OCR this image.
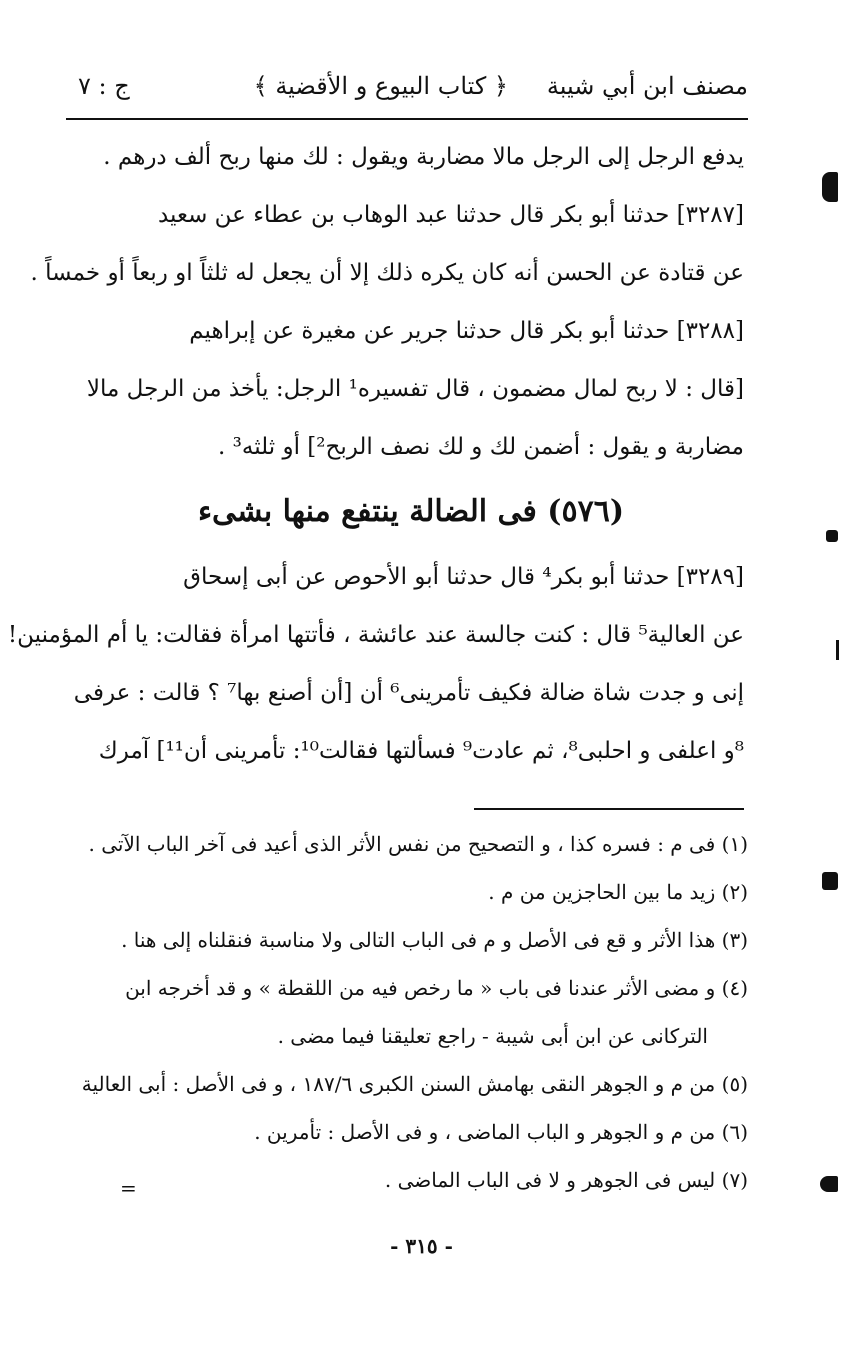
مصنف ابن أبي شيبة
﴿ كتاب البيوع و الأقضية ﴾
ج : ٧
يدفع الرجل إلى الرجل مالا مضاربة ويقول : لك منها ربح ألف درهم .
[٣٢٨٧] حدثنا أبو بكر قال حدثنا عبد الوهاب بن عطاء عن سعيد
عن قتادة عن الحسن أنه كان يكره ذلك إلا أن يجعل له ثلثاً او ربعاً أو خمساً .
[٣٢٨٨] حدثنا أبو بكر قال حدثنا جرير عن مغيرة عن إبراهيم
[قال : لا ربح لمال مضمون ، قال تفسيره¹ الرجل: يأخذ من الرجل مالا
مضاربة و يقول : أضمن لك و لك نصف الربح²] أو ثلثه³ .
(٥٧٦) فى الضالة ينتفع منها بشىء
[٣٢٨٩] حدثنا أبو بكر⁴ قال حدثنا أبو الأحوص عن أبى إسحاق
عن العالية⁵ قال : كنت جالسة عند عائشة ، فأتتها امرأة فقالت: يا أم المؤمنين!
إنى و جدت شاة ضالة فكيف تأمرينى⁶ أن [أن أصنع بها⁷ ؟ قالت : عرفى
⁸و اعلفى و احلبى⁸، ثم عادت⁹ فسألتها فقالت¹⁰: تأمرينى أن¹¹] آمرك
(١) فى م : فسره كذا ، و التصحيح من نفس الأثر الذى أعيد فى آخر الباب الآتى .
(٢) زيد ما بين الحاجزين من م .
(٣) هذا الأثر و قع فى الأصل و م فى الباب التالى ولا مناسبة فنقلناه إلى هنا .
(٤) و مضى الأثر عندنا فى باب « ما رخص فيه من اللقطة » و قد أخرجه ابن
التركانى عن ابن أبى شيبة - راجع تعليقنا فيما مضى .
(٥) من م و الجوهر النقى بهامش السنن الكبرى ١٨٧/٦ ، و فى الأصل : أبى العالية
(٦) من م و الجوهر و الباب الماضى ، و فى الأصل : تأمرين .
(٧) ليس فى الجوهر و لا فى الباب الماضى .
=
- ٣١٥ -
